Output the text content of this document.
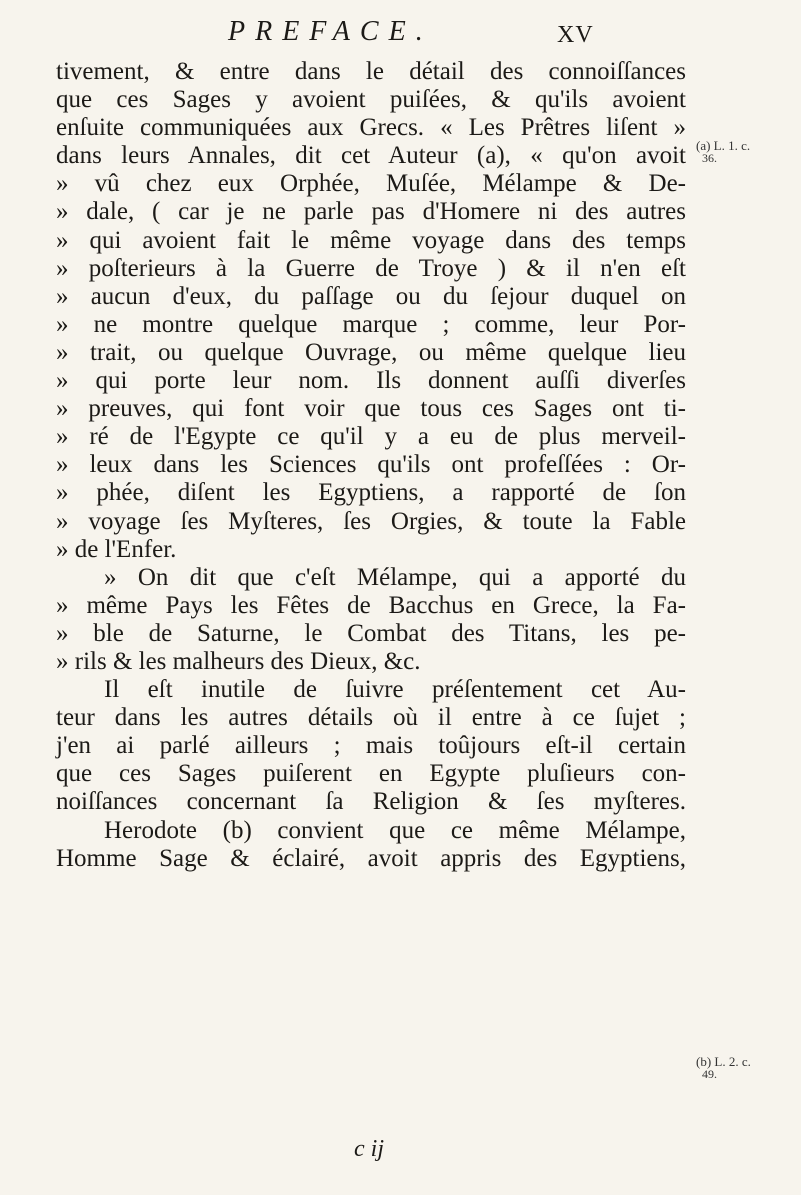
PREFACE.	XV
tivement, & entre dans le détail des connoiſſances
que ces Sages y avoient puiſées, & qu'ils avoient
enſuite communiquées aux Grecs. « Les Prêtres liſent »
dans leurs Annales, dit cet Auteur (a), « qu'on avoit
» vû chez eux Orphée, Muſée, Mélampe & De-
» dale, ( car je ne parle pas d'Homere ni des autres
» qui avoient fait le même voyage dans des temps
» poſterieurs à la Guerre de Troye ) & il n'en eſt
» aucun d'eux, du paſſage ou du ſejour duquel on
» ne montre quelque marque ; comme, leur Por-
» trait, ou quelque Ouvrage, ou même quelque lieu
» qui porte leur nom. Ils donnent auſſi diverſes
» preuves, qui font voir que tous ces Sages ont ti-
» ré de l'Egypte ce qu'il y a eu de plus merveil-
» leux dans les Sciences qu'ils ont profeſſées : Or-
» phée, diſent les Egyptiens, a rapporté de ſon
» voyage ſes Myſteres, ſes Orgies, & toute la Fable
» de l'Enfer.
» On dit que c'eſt Mélampe, qui a apporté du
» même Pays les Fêtes de Bacchus en Grece, la Fa-
» ble de Saturne, le Combat des Titans, les pe-
» rils & les malheurs des Dieux, &c.
Il eſt inutile de ſuivre préſentement cet Au-
teur dans les autres détails où il entre à ce ſujet ;
j'en ai parlé ailleurs ; mais toûjours eſt-il certain
que ces Sages puiſerent en Egypte pluſieurs con-
noiſſances concernant ſa Religion & ſes myſteres.
Herodote (b) convient que ce même Mélampe,
Homme Sage & éclairé, avoit appris des Egyptiens,
(a) L. 1. c.
36.
(b) L. 2. c.
49.
c ij
